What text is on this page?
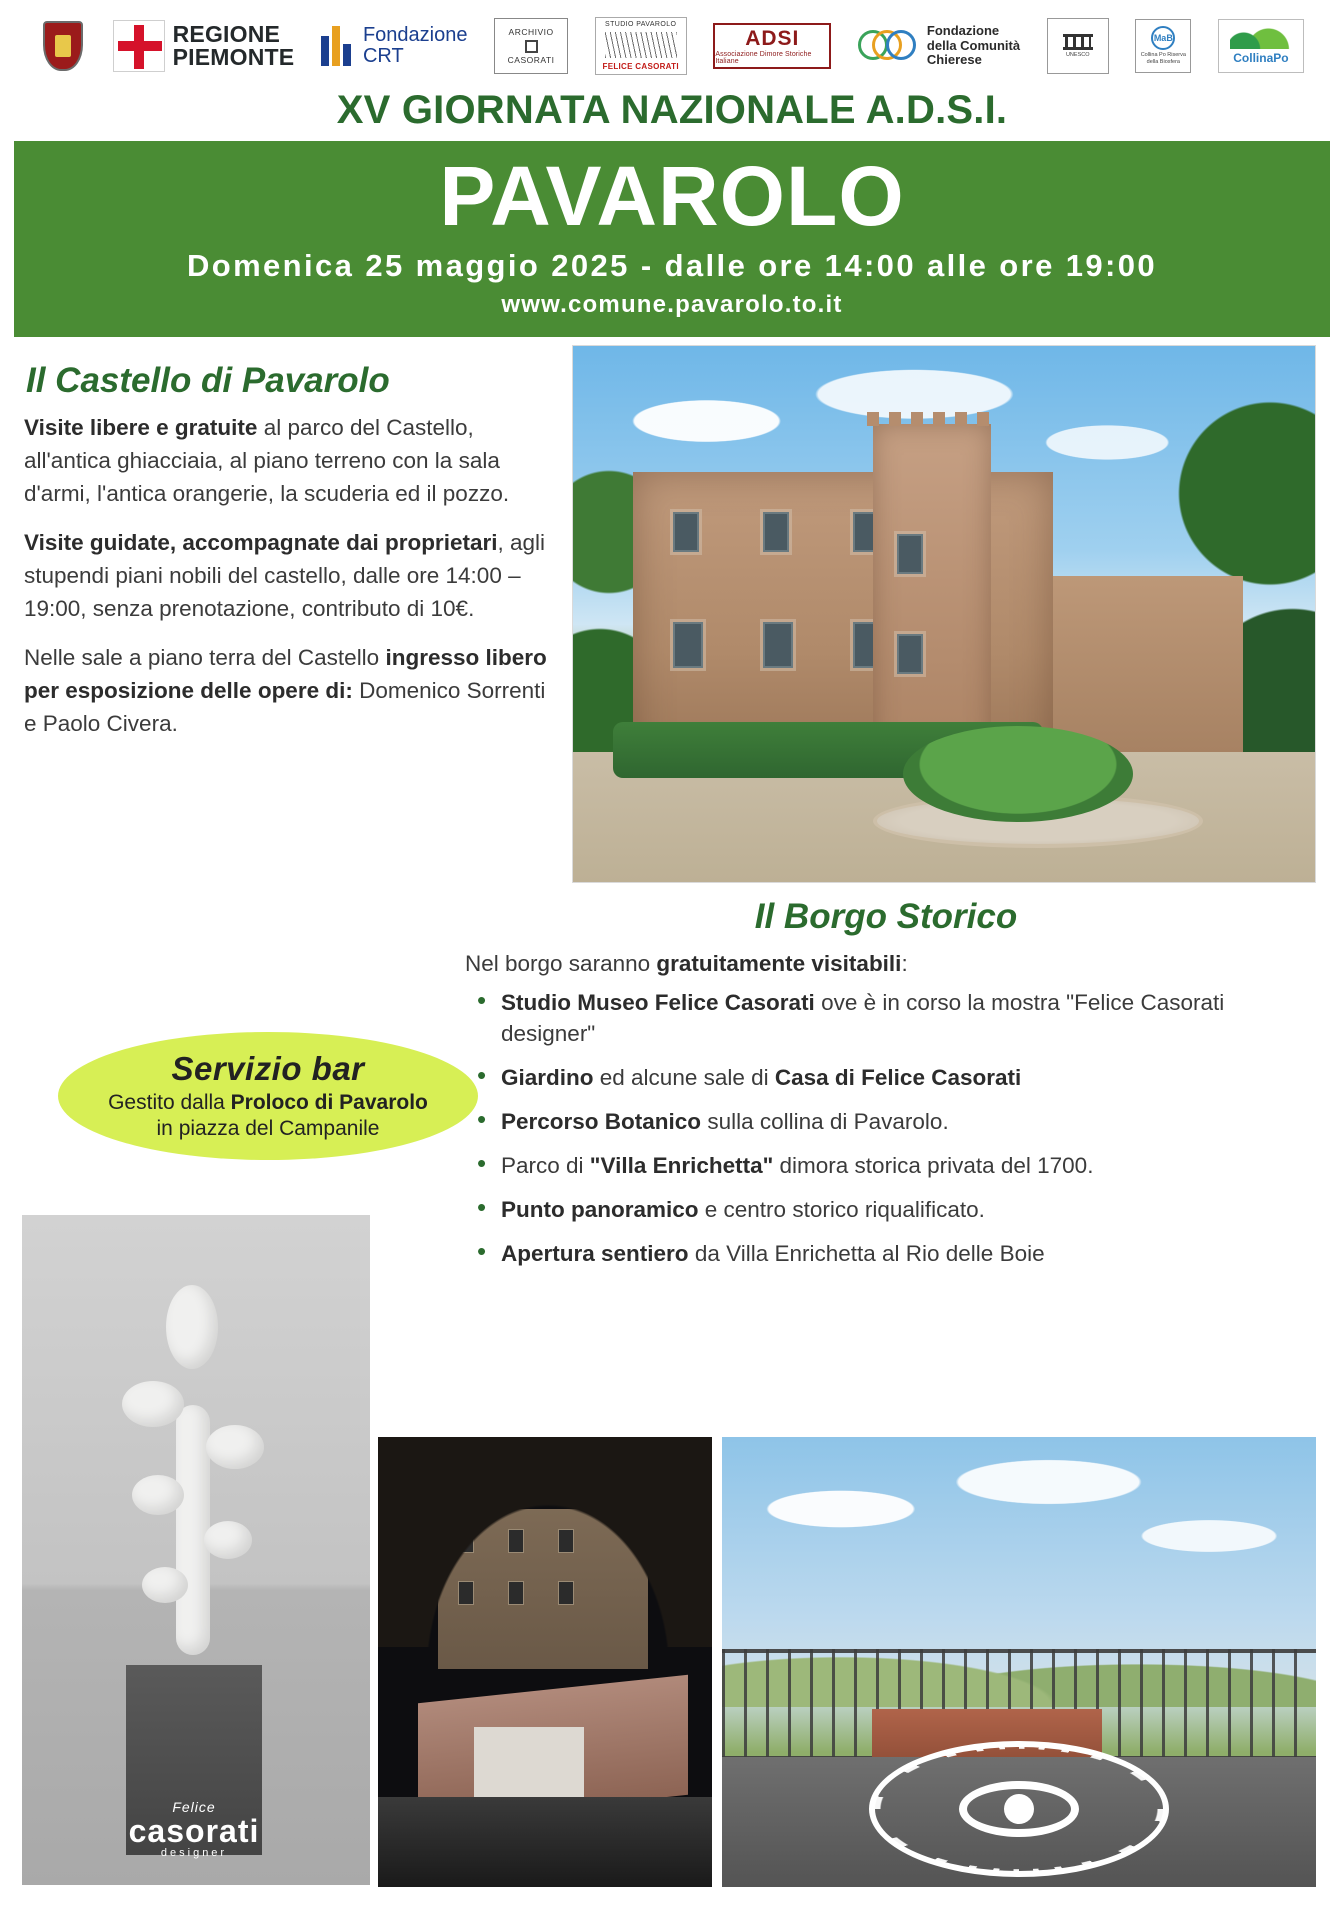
REGIONE
PIEMONTE
Fondazione
CRT
ARCHIVIO
CASORATI
STUDIO PAVAROLO
FELICE CASORATI
ADSI
Associazione Dimore Storiche Italiane
Fondazione
della Comunità
Chierese	UNESCO
MaB
Collina Po Riserva della Biosfera	CollinaPo
XV GIORNATA NAZIONALE A.D.S.I.
PAVAROLO
Domenica 25 maggio 2025 - dalle ore 14:00 alle ore 19:00
www.comune.pavarolo.to.it
Il Castello di Pavarolo

Visite libere e gratuite al parco del Castello, all'antica ghiacciaia, al piano terreno con la sala d'armi, l'antica orangerie, la scuderia ed il pozzo.

Visite guidate, accompagnate dai proprietari, agli stupendi piani nobili del castello, dalle ore 14:00 – 19:00, senza prenotazione, contributo di 10€.

Nelle sale a piano terra del Castello ingresso libero per esposizione delle opere di: Domenico Sorrenti e Paolo Civera.

Il Borgo Storico

Nel borgo saranno gratuitamente visitabili:

• Studio Museo Felice Casorati ove è in corso la mostra "Felice Casorati designer"
• Giardino ed alcune sale di Casa di Felice Casorati
• Percorso Botanico sulla collina di Pavarolo.
• Parco di "Villa Enrichetta" dimora storica privata del 1700.
• Punto panoramico e centro storico riqualificato.
• Apertura sentiero da Villa Enrichetta al Rio delle Boie
Servizio bar
Gestito dalla Proloco di Pavarolo
in piazza del Campanile
Felice
casorati
designer
